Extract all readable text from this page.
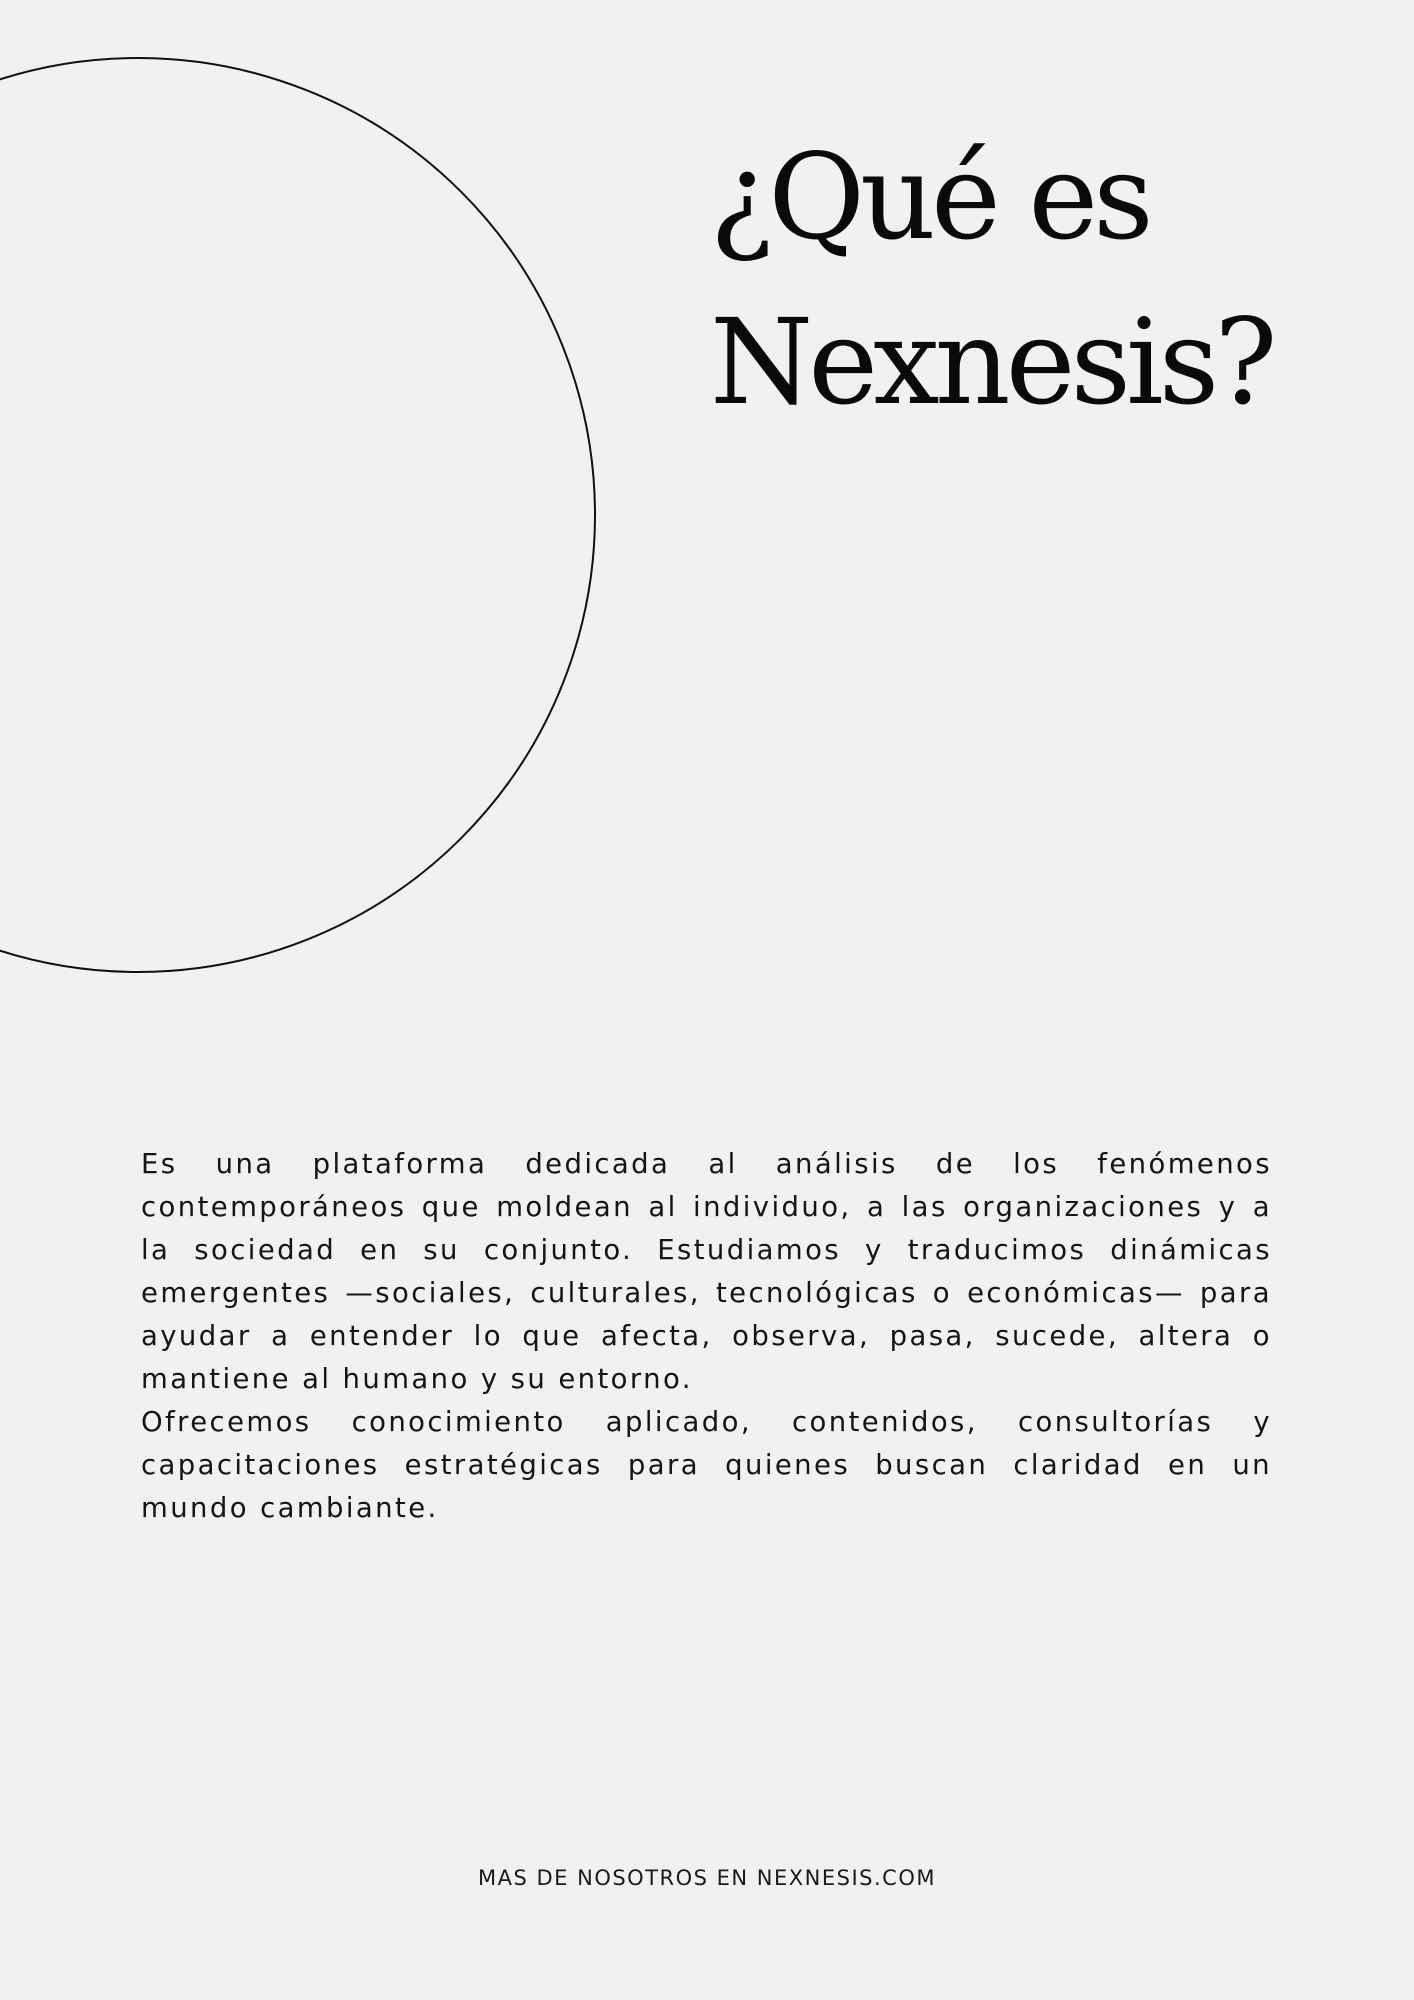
¿Qué es
Nexnesis?

Es una plataforma dedicada al análisis de los fenómenos contemporáneos que moldean al individuo, a las organizaciones y a la sociedad en su conjunto. Estudiamos y traducimos dinámicas emergentes —sociales, culturales, tecnológicas o económicas— para ayudar a entender lo que afecta, observa, pasa, sucede, altera o mantiene al humano y su entorno.

Ofrecemos conocimiento aplicado, contenidos, consultorías y capacitaciones estratégicas para quienes buscan claridad en un mundo cambiante.

MAS DE NOSOTROS EN NEXNESIS.COM
